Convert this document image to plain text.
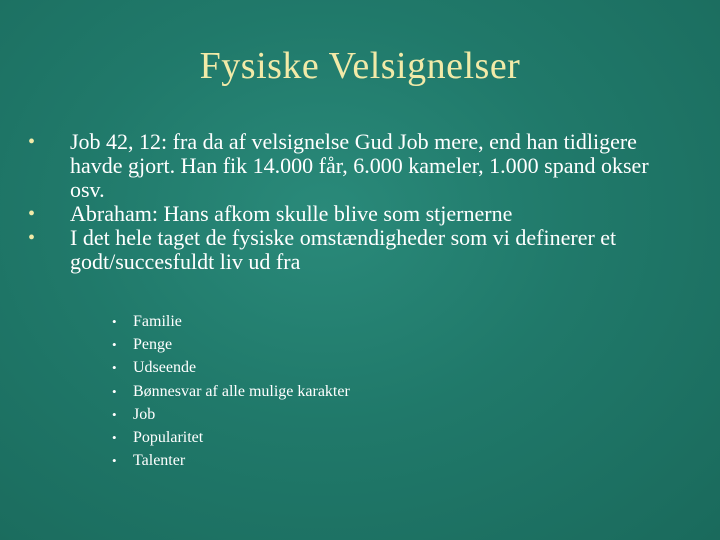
Fysiske Velsignelser
• Job 42, 12: fra da af velsignelse Gud Job mere, end han tidligere havde gjort. Han fik 14.000 får, 6.000 kameler, 1.000 spand okser osv.
• Abraham: Hans afkom skulle blive som stjernerne
• I det hele taget de fysiske omstændigheder som vi definerer et godt/succesfuldt liv ud fra
• Familie
• Penge
• Udseende
• Bønnesvar af alle mulige karakter
• Job
• Popularitet
• Talenter
